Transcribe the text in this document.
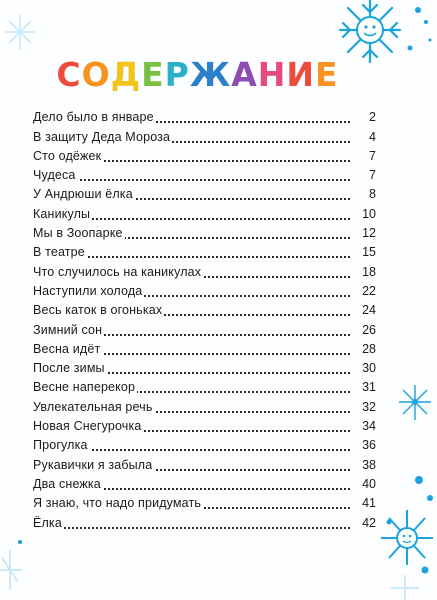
СОДЕРЖАНИЕ
Дело было в январе	2
В защиту Деда Мороза	4
Сто одёжек	7
Чудеса	7
У Андрюши ёлка	8
Каникулы	10
Мы в Зоопарке	12
В театре	15
Что случилось на каникулах	18
Наступили холода	22
Весь каток в огоньках	24
Зимний сон	26
Весна идёт	28
После зимы	30
Весне наперекор	31
Увлекательная речь	32
Новая Снегурочка	34
Прогулка	36
Рукавички я забыла	38
Два снежка	40
Я знаю, что надо придумать	41
Ёлка	42
